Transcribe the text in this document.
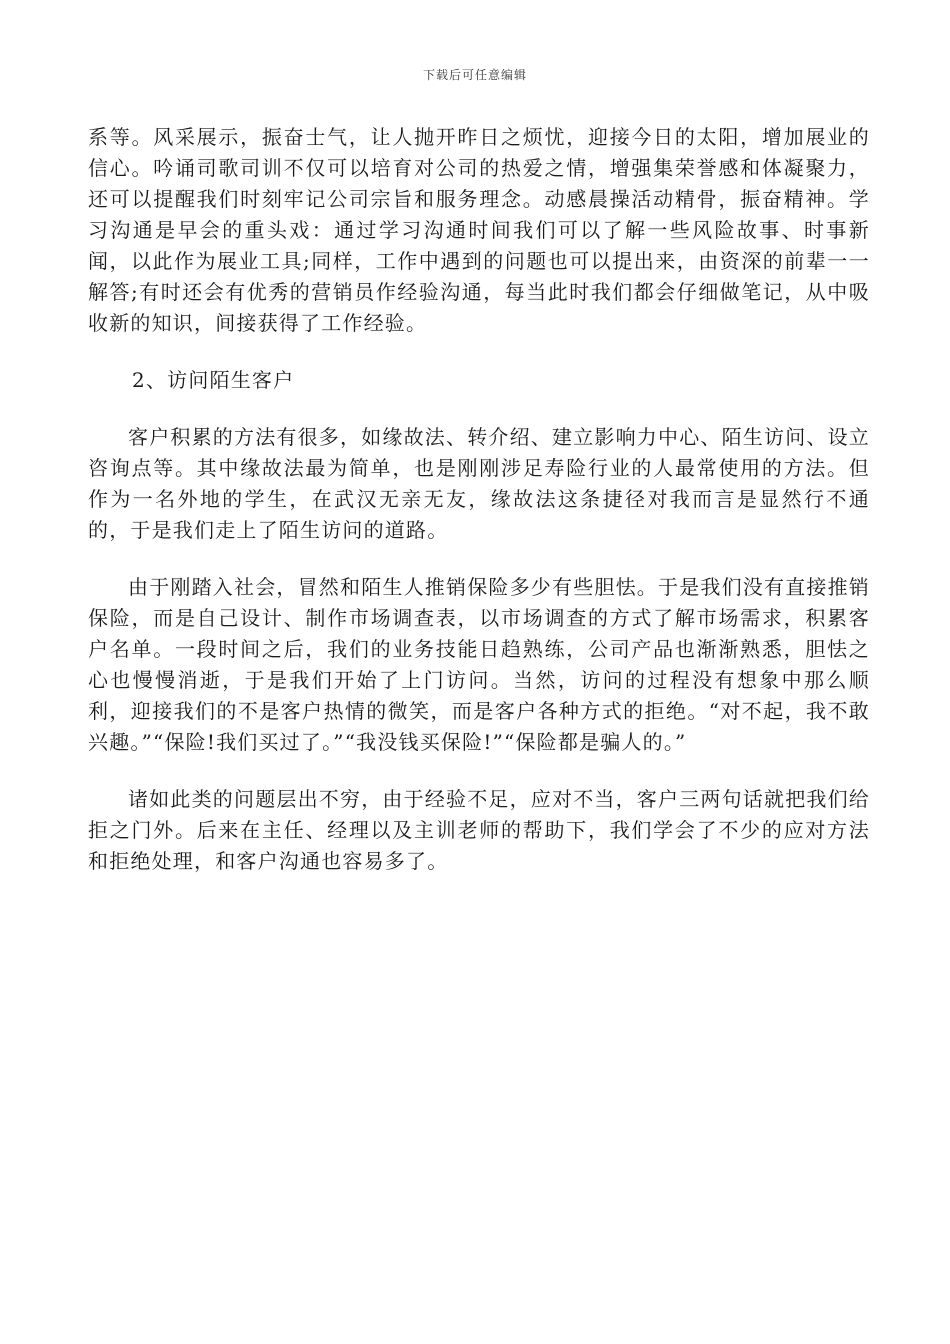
下载后可任意编辑

系等。风采展示，振奋士气，让人抛开昨日之烦忧，迎接今日的太阳，增加展业的信心。吟诵司歌司训不仅可以培育对公司的热爱之情，增强集荣誉感和体凝聚力，还可以提醒我们时刻牢记公司宗旨和服务理念。动感晨操活动精骨，振奋精神。学习沟通是早会的重头戏：通过学习沟通时间我们可以了解一些风险故事、时事新闻，以此作为展业工具;同样，工作中遇到的问题也可以提出来，由资深的前辈一一解答;有时还会有优秀的营销员作经验沟通，每当此时我们都会仔细做笔记，从中吸收新的知识，间接获得了工作经验。

2、访问陌生客户

客户积累的方法有很多，如缘故法、转介绍、建立影响力中心、陌生访问、设立咨询点等。其中缘故法最为简单，也是刚刚涉足寿险行业的人最常使用的方法。但作为一名外地的学生，在武汉无亲无友，缘故法这条捷径对我而言是显然行不通的，于是我们走上了陌生访问的道路。

由于刚踏入社会，冒然和陌生人推销保险多少有些胆怯。于是我们没有直接推销保险，而是自己设计、制作市场调查表，以市场调查的方式了解市场需求，积累客户名单。一段时间之后，我们的业务技能日趋熟练，公司产品也渐渐熟悉，胆怯之心也慢慢消逝，于是我们开始了上门访问。当然，访问的过程没有想象中那么顺利，迎接我们的不是客户热情的微笑，而是客户各种方式的拒绝。“对不起，我不敢兴趣。”“保险!我们买过了。”“我没钱买保险!”“保险都是骗人的。”

诸如此类的问题层出不穷，由于经验不足，应对不当，客户三两句话就把我们给拒之门外。后来在主任、经理以及主训老师的帮助下，我们学会了不少的应对方法和拒绝处理，和客户沟通也容易多了。
